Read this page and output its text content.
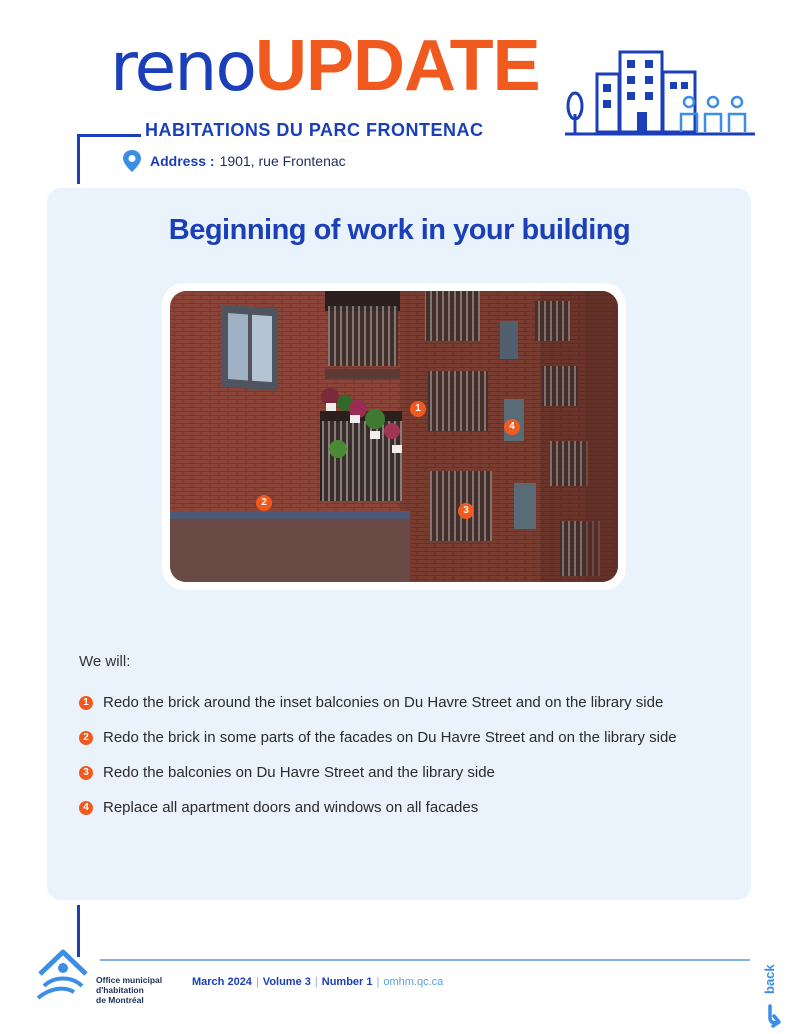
renoUPDATE
HABITATIONS DU PARC FRONTENAC
Address : 1901, rue Frontenac
Beginning of work in your building
1
2
3
4
We will:
1 Redo the brick around the inset balconies on Du Havre Street and on the library side
2 Redo the brick in some parts of the facades on Du Havre Street and on the library side
3 Redo the balconies on Du Havre Street and the library side
4 Replace all apartment doors and windows on all facades
Office municipal
d'habitation
de Montréal
March 2024 | Volume 3 | Number 1 | omhm.qc.ca	back
